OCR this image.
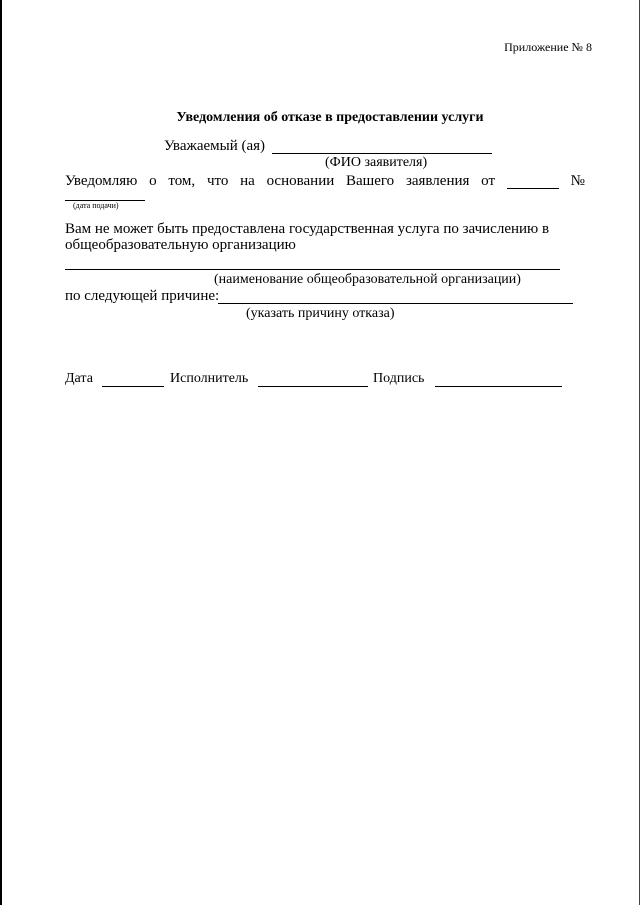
Приложение № 8
Уведомления об отказе в предоставлении услуги
Уважаемый (ая)
(ФИО заявителя)
Уведомляю о том, что на основании Вашего заявления от	№
(дата подачи)
Вам не может быть предоставлена государственная услуга по зачислению в
общеобразовательную организацию
(наименование общеобразовательной организации)
по следующей причине:
(указать причину отказа)
Дата	Исполнитель	Подпись
